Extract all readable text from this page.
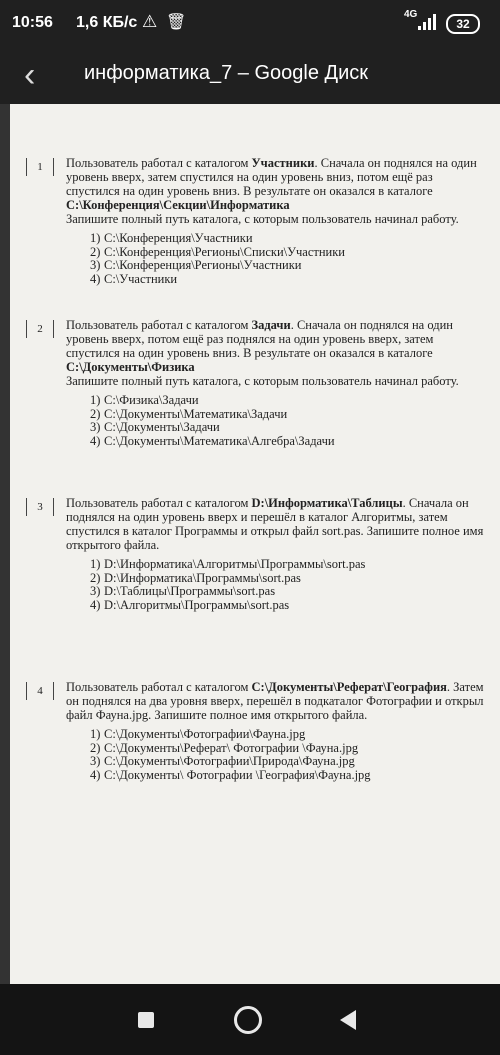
10:56 1,6 КБ/с ⚠ 🗑	4G
32
‹ информатика_7 – Google Диск
1	Пользователь работал с каталогом Участники. Сначала он поднялся на один уровень вверх, затем спустился на один уровень вниз, потом ещё раз спустился на один уровень вниз. В результате он оказался в каталоге
С:\Конференция\Секции\Информатика
Запишите полный путь каталога, с которым пользователь начинал работу.
1) С:\Конференция\Участники
2) С:\Конференция\Регионы\Списки\Участники
3) С:\Конференция\Регионы\Участники
4) С:\Участники
2	Пользователь работал с каталогом Задачи. Сначала он поднялся на один уровень вверх, потом ещё раз поднялся на один уровень вверх, затем спустился на один уровень вниз. В результате он оказался в каталоге С:\Документы\Физика
Запишите полный путь каталога, с которым пользователь начинал работу.
1) С:\Физика\Задачи
2) С:\Документы\Математика\Задачи
3) С:\Документы\Задачи
4) С:\Документы\Математика\Алгебра\Задачи
3	Пользователь работал с каталогом D:\Информатика\Таблицы. Сначала он поднялся на один уровень вверх и перешёл в каталог Алгоритмы, затем спустился в каталог Программы и открыл файл sort.pas. Запишите полное имя открытого файла.
1) D:\Информатика\Алгоритмы\Программы\sort.pas
2) D:\Информатика\Программы\sort.pas
3) D:\Таблицы\Программы\sort.pas
4) D:\Алгоритмы\Программы\sort.pas
4	Пользователь работал с каталогом С:\Документы\Реферат\География. Затем он поднялся на два уровня вверх, перешёл в подкаталог Фотографии и открыл файл Фауна.jpg. Запишите полное имя открытого файла.
1) С:\Документы\Фотографии\Фауна.jpg
2) С:\Документы\Реферат\ Фотографии \Фауна.jpg
3) С:\Документы\Фотографии\Природа\Фауна.jpg
4) С:\Документы\ Фотографии \География\Фауна.jpg
